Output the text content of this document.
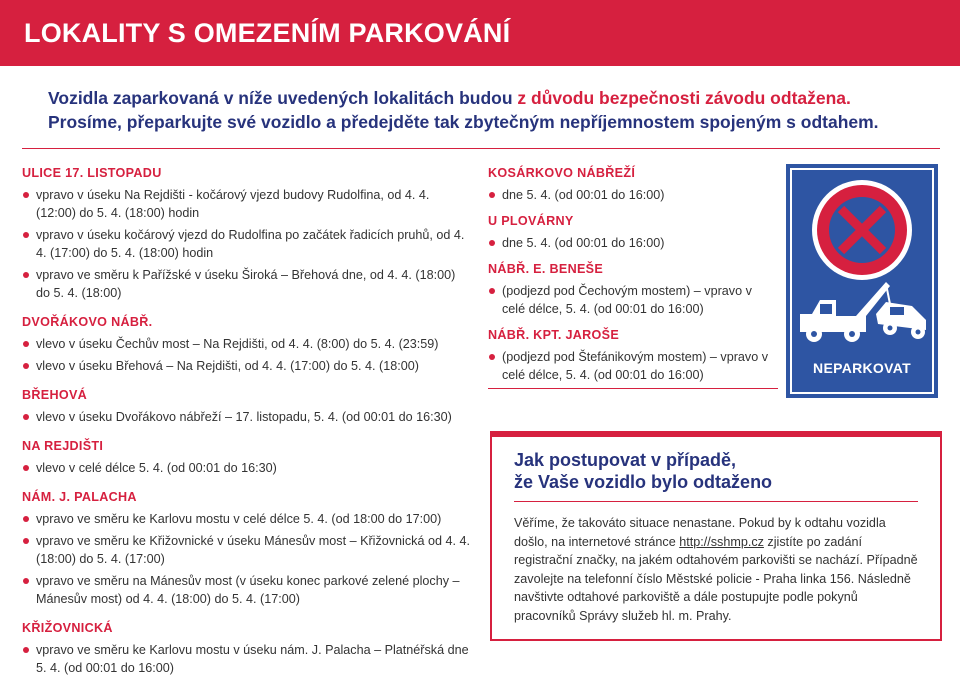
LOKALITY S OMEZENÍM PARKOVÁNÍ
Vozidla zaparkovaná v níže uvedených lokalitách budou z důvodu bezpečnosti závodu odtažena.
Prosíme, přeparkujte své vozidlo a předejděte tak zbytečným nepříjemnostem spojeným s odtahem.
ULICE 17. LISTOPADU
vpravo v úseku Na Rejdišti - kočárový vjezd budovy Rudolfina, od 4. 4. (12:00) do 5. 4. (18:00) hodin
vpravo v úseku kočárový vjezd do Rudolfina po začátek řadicích pruhů, od 4. 4. (17:00) do 5. 4. (18:00) hodin
vpravo ve směru k Pařížské v úseku Široká – Břehová dne, od 4. 4. (18:00) do 5. 4. (18:00)
DVOŘÁKOVO NÁBŘ.
vlevo v úseku Čechův most – Na Rejdišti, od 4. 4. (8:00) do 5. 4. (23:59)
vlevo v úseku Břehová – Na Rejdišti, od 4. 4. (17:00) do 5. 4. (18:00)
BŘEHOVÁ
vlevo v úseku Dvořákovo nábřeží – 17. listopadu, 5. 4. (od 00:01 do 16:30)
NA REJDIŠTI
vlevo v celé délce 5. 4. (od 00:01 do 16:30)
NÁM. J. PALACHA
vpravo ve směru ke Karlovu mostu v celé délce 5. 4. (od 18:00 do 17:00)
vpravo ve směru ke Křižovnické v úseku Mánesův most – Křižovnická od 4. 4. (18:00) do 5. 4. (17:00)
vpravo ve směru na Mánesův most (v úseku konec parkové zelené plochy – Mánesův most) od 4. 4. (18:00) do 5. 4. (17:00)
KŘIŽOVNICKÁ
vpravo ve směru ke Karlovu mostu v úseku nám. J. Palacha – Platnéřská dne 5. 4. (od 00:01 do 16:00)
KOSÁRKOVO NÁBŘEŽÍ
dne 5. 4. (od 00:01 do 16:00)
U PLOVÁRNY
dne 5. 4. (od 00:01 do 16:00)
NÁBŘ. E. BENEŠE
(podjezd pod Čechovým mostem) – vpravo v celé délce, 5. 4. (od 00:01 do 16:00)
NÁBŘ. KPT. JAROŠE
(podjezd pod Štefánikovým mostem) – vpravo v celé délce, 5. 4. (od 00:01 do 16:00)	NEPARKOVAT
Jak postupovat v případě,
že Vaše vozidlo bylo odtaženo
Věříme, že takováto situace nenastane. Pokud by k odtahu vozidla došlo, na internetové stránce http://sshmp.cz zjistíte po zadání registrační značky, na jakém odtahovém parkovišti se nachází. Případně zavolejte na telefonní číslo Městské policie - Praha linka 156. Následně navštivte odtahové parkoviště a dále postupujte podle pokynů pracovníků Správy služeb hl. m. Prahy.
